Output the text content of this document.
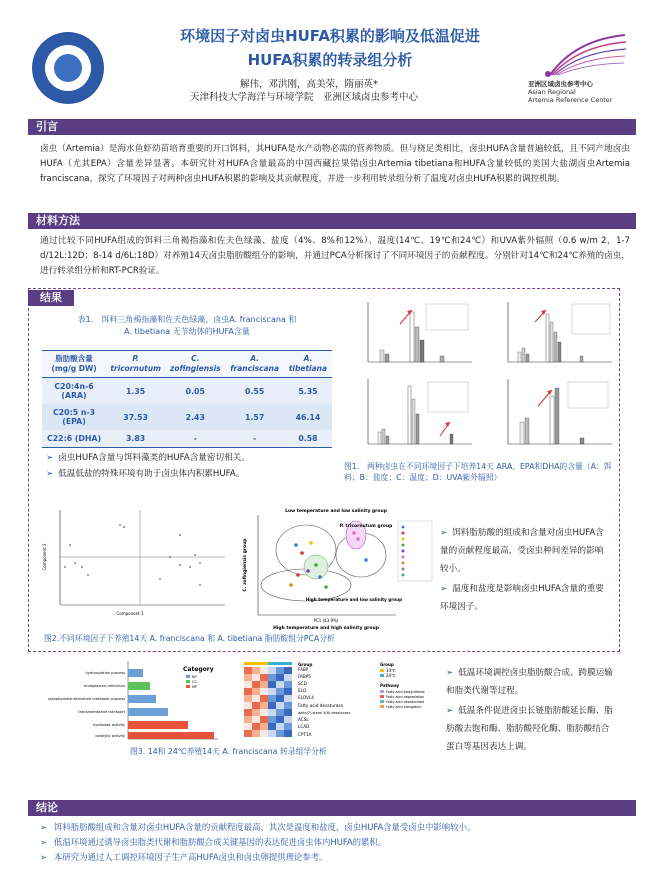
环境因子对卤虫HUFA积累的影响及低温促进
HUFA积累的转录组分析
解伟，邓洪刚，高美荣，隋丽英*
天津科技大学海洋与环境学院　亚洲区域卤虫参考中心
亚洲区域卤虫参考中心
Asian Regional
Artemia Reference Center
引言
卤虫（Artemia）是海水鱼虾幼苗培育重要的开口饵料，其HUFA是水产动物必需的营养物质。但与桡足类相比，卤虫HUFA含量普遍较低，且不同产地卤虫HUFA（尤其EPA）含量差异显著。本研究针对HUFA含量最高的中国西藏拉果错卤虫Artemia tibetiana和HUFA含量较低的美国大盐湖卤虫Artemia franciscana，探究了环境因子对两种卤虫HUFA积累的影响及其贡献程度，并进一步利用转录组分析了温度对卤虫HUFA积累的调控机制。
材料方法
通过比较不同HUFA组成的饵料三角褐指藻和佐夫色绿藻、盐度（4%、8%和12%）、温度(14℃、19℃和24℃）和UVA紫外辐照（0.6 w/m 2，1-7 d/12L:12D；8-14 d/6L:18D）对养殖14天卤虫脂肪酸组分的影响，并通过PCA分析探讨了不同环境因子的贡献程度。分别针对14℃和24℃养殖的卤虫，进行转录组分析和RT-PCR验证。
结果
表1.　饵料三角褐指藻和佐夫色绿藻、卤虫A. franciscana 和
A. tibetiana 无节幼体的HUFA含量
脂肪酸含量 (mg/g DW)	P. tricornutum	C. zofingiensis	A. franciscana	A. tibetiana
C20:4n-6 (ARA)	1.35	0.05	0.55	5.35
C20:5 n-3 (EPA)	37.53	2.43	1.57	46.14
C22:6 (DHA)	3.83	-	-	0.58
➢ 卤虫HUFA含量与饵料藻类的HUFA含量密切相关。
➢ 低温低盐的特殊环境有助于卤虫体内积累HUFA。
图1.　两种卤虫在不同环境因子下培养14天 ARA、EPA和DHA的含量（A：饵料；B：盐度；C：温度；D：UVA紫外辐照）
Component 1
Component 2
Low temperature and low salinity group
P. tricornutum group
C. zofingiensis group
High temperature and low salinity group
PC1 (43.9%)
High temperature and high salinity group
图2.不同环境因子下养殖14天 A. franciscana 和 A. tibetiana 脂肪酸组分PCA分析
➢ 饵料脂肪酸的组成和含量对卤虫HUFA含量的贡献程度最高，受卤虫种间差异的影响较小。
➢ 温度和盐度是影响卤虫HUFA含量的重要环境因子。
hydroxylation process
endoplasmic reticulum
carbohydrate derivative metabolic process
transmembrane transport
hydrolase activity
catalytic activity
Category
BP
CC
MF
Group
FABP
FABP5
SCD
ELO
ELOVL4
Fatty acid desaturase
delta(7)-sterol 5(6)-desaturase
ACSL
LCAD
CPT1A
Group
14℃
24℃
Pathway
Fatty acid biosynthesis
Fatty acid degradation
Fatty acid desaturated
Fatty acid elongation
图3. 14和 24℃养殖14天 A. franciscana 转录组学分析
➢ 低温环境调控卤虫脂肪酸合成、跨膜运输和脂类代谢等过程。
➢ 低温条件促进卤虫长链脂肪酸延长酶、脂肪酸去饱和酶、脂肪酸羟化酶、脂肪酸结合蛋白等基因表达上调。
结论
➢ 饵料脂肪酸组成和含量对卤虫HUFA含量的贡献程度最高，其次是温度和盐度，卤虫HUFA含量受卤虫中影响较小。
➢ 低温环境通过诱导卤虫脂类代谢和脂肪酸合成关键基因的表达促进卤虫体内HUFA的累积。
➢ 本研究为通过人工调控环境因子生产高HUFA卤虫和卤虫卵提供理论参考。
